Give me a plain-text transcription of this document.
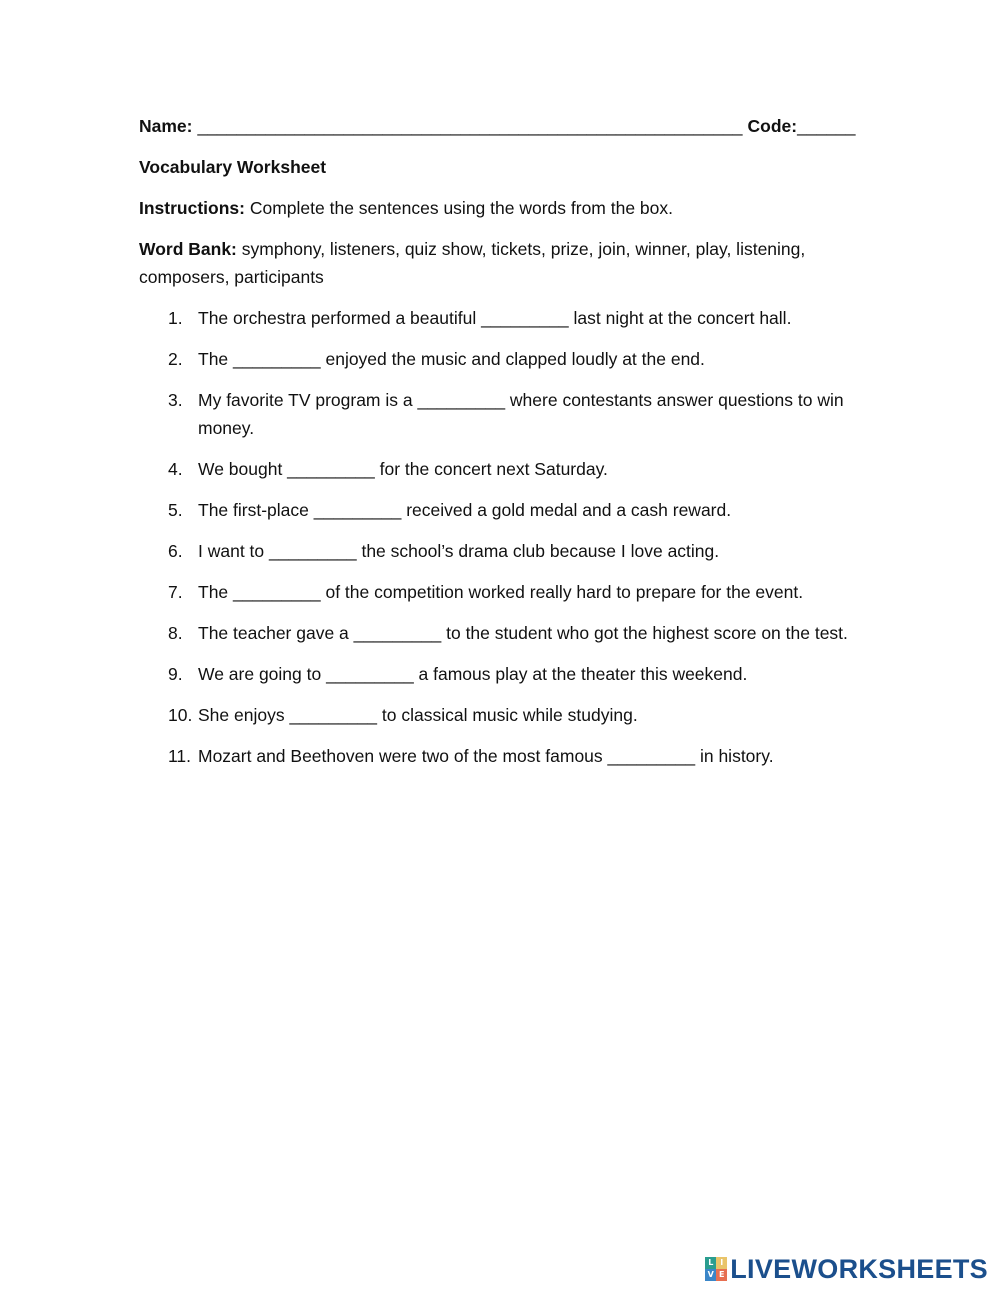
Name: ________________________________________________________ Code: ______
Vocabulary Worksheet
Instructions: Complete the sentences using the words from the box.
Word Bank: symphony, listeners, quiz show, tickets, prize, join, winner, play, listening, composers, participants
1. The orchestra performed a beautiful _________ last night at the concert hall.
2. The _________ enjoyed the music and clapped loudly at the end.
3. My favorite TV program is a _________ where contestants answer questions to win money.
4. We bought _________ for the concert next Saturday.
5. The first-place _________ received a gold medal and a cash reward.
6. I want to _________ the school’s drama club because I love acting.
7. The _________ of the competition worked really hard to prepare for the event.
8. The teacher gave a _________ to the student who got the highest score on the test.
9. We are going to _________ a famous play at the theater this weekend.
10. She enjoys _________ to classical music while studying.
11. Mozart and Beethoven were two of the most famous _________ in history.
L I
V E LIVEWORKSHEETS
